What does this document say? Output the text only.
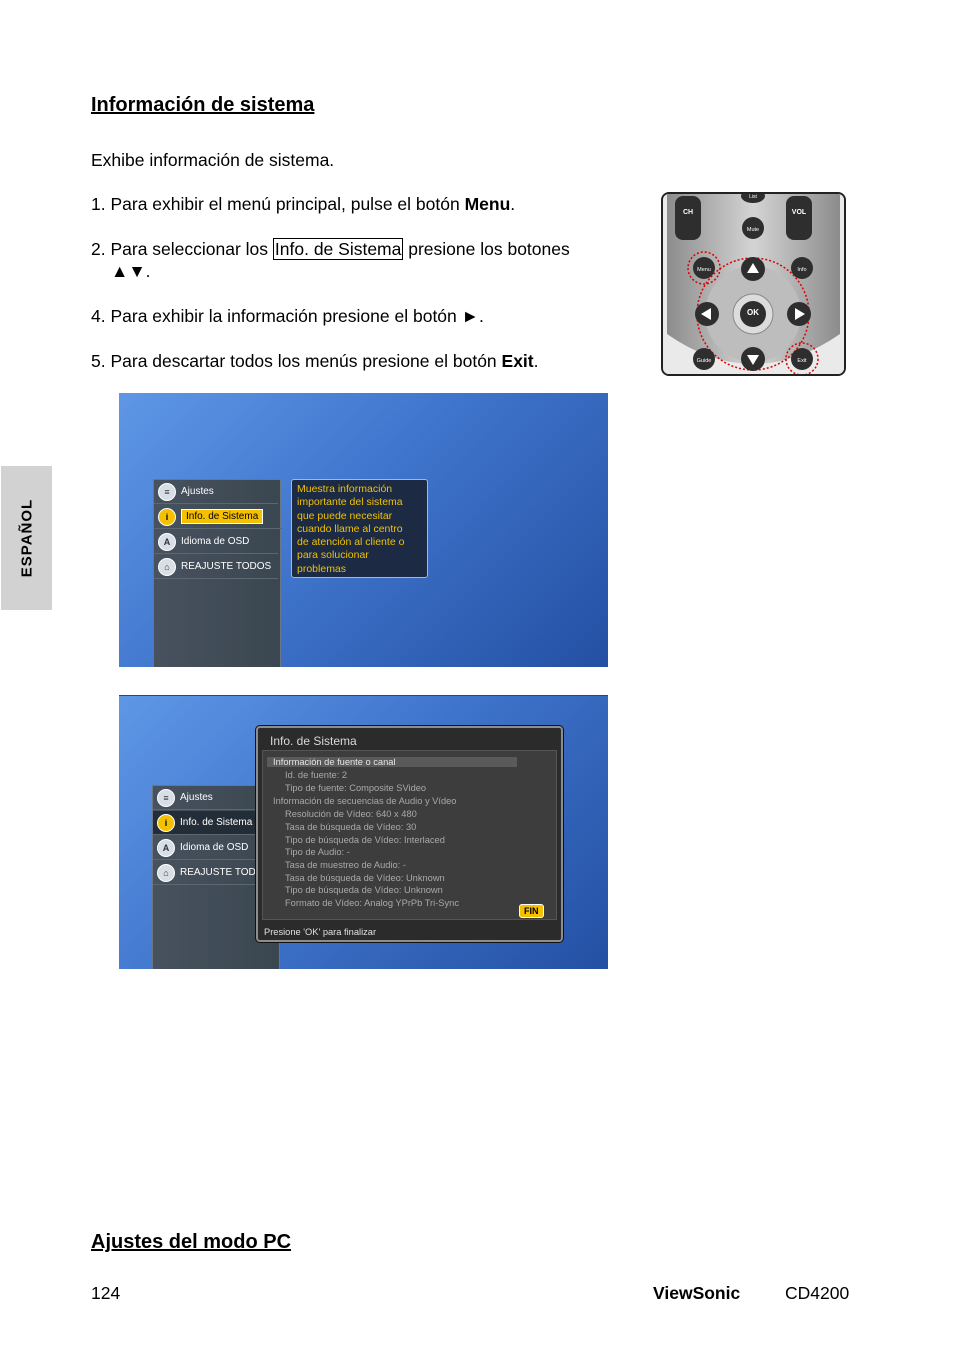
Información de sistema
Exhibe información de sistema.
1. Para exhibir el menú principal, pulse el botón Menu.
2. Para seleccionar los Info. de Sistema presione los botones
▲▼.
4. Para exhibir la información presione el botón ►.
5. Para descartar todos los menús presione el botón Exit.
ESPAÑOL
CH	VOL
List
Mute
Menu	Info
OK
Guide	Exit
≡	Ajustes
i	Info. de Sistema
A	Idioma de OSD
⌂	REAJUSTE TODOS
Muestra información
importante del sistema
que puede necesitar
cuando llame al centro
de atención al cliente o
para solucionar
problemas
≡	Ajustes
i	Info. de Sistema
A	Idioma de OSD
⌂	REAJUSTE TOD
Info. de Sistema
Información de fuente o canal
Id. de fuente: 2
Tipo de fuente: Composite SVideo
Información de secuencias de Audio y Vídeo
Resolución de Vídeo: 640 x 480
Tasa de búsqueda de Vídeo: 30
Tipo de búsqueda de Vídeo: Interlaced
Tipo de Audio: -
Tasa de muestreo de Audio: -
Tasa de búsqueda de Vídeo: Unknown
Tipo de búsqueda de Vídeo: Unknown
Formato de Vídeo: Analog YPrPb Tri-Sync
FIN
Presione 'OK' para finalizar
Ajustes del modo PC
124	ViewSonic	CD4200
